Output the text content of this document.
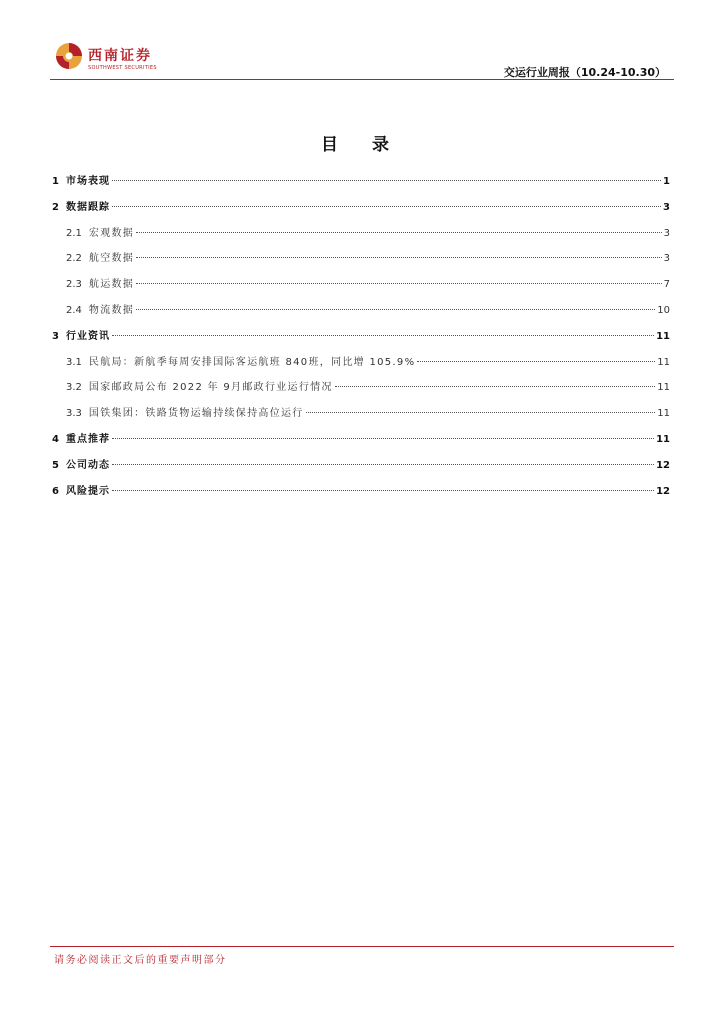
西南证券
SOUTHWEST SECURITIES	交运行业周报（10.24-10.30）
目 录
1 市场表现	1
2 数据跟踪	3
2.1 宏观数据	3
2.2 航空数据	3
2.3 航运数据	7
2.4 物流数据	10
3 行业资讯	11
3.1 民航局：新航季每周安排国际客运航班 840班，同比增 105.9%	11
3.2 国家邮政局公布 2022 年 9月邮政行业运行情况	11
3.3 国铁集团：铁路货物运输持续保持高位运行	11
4 重点推荐	11
5 公司动态	12
6 风险提示	12
请务必阅读正文后的重要声明部分
